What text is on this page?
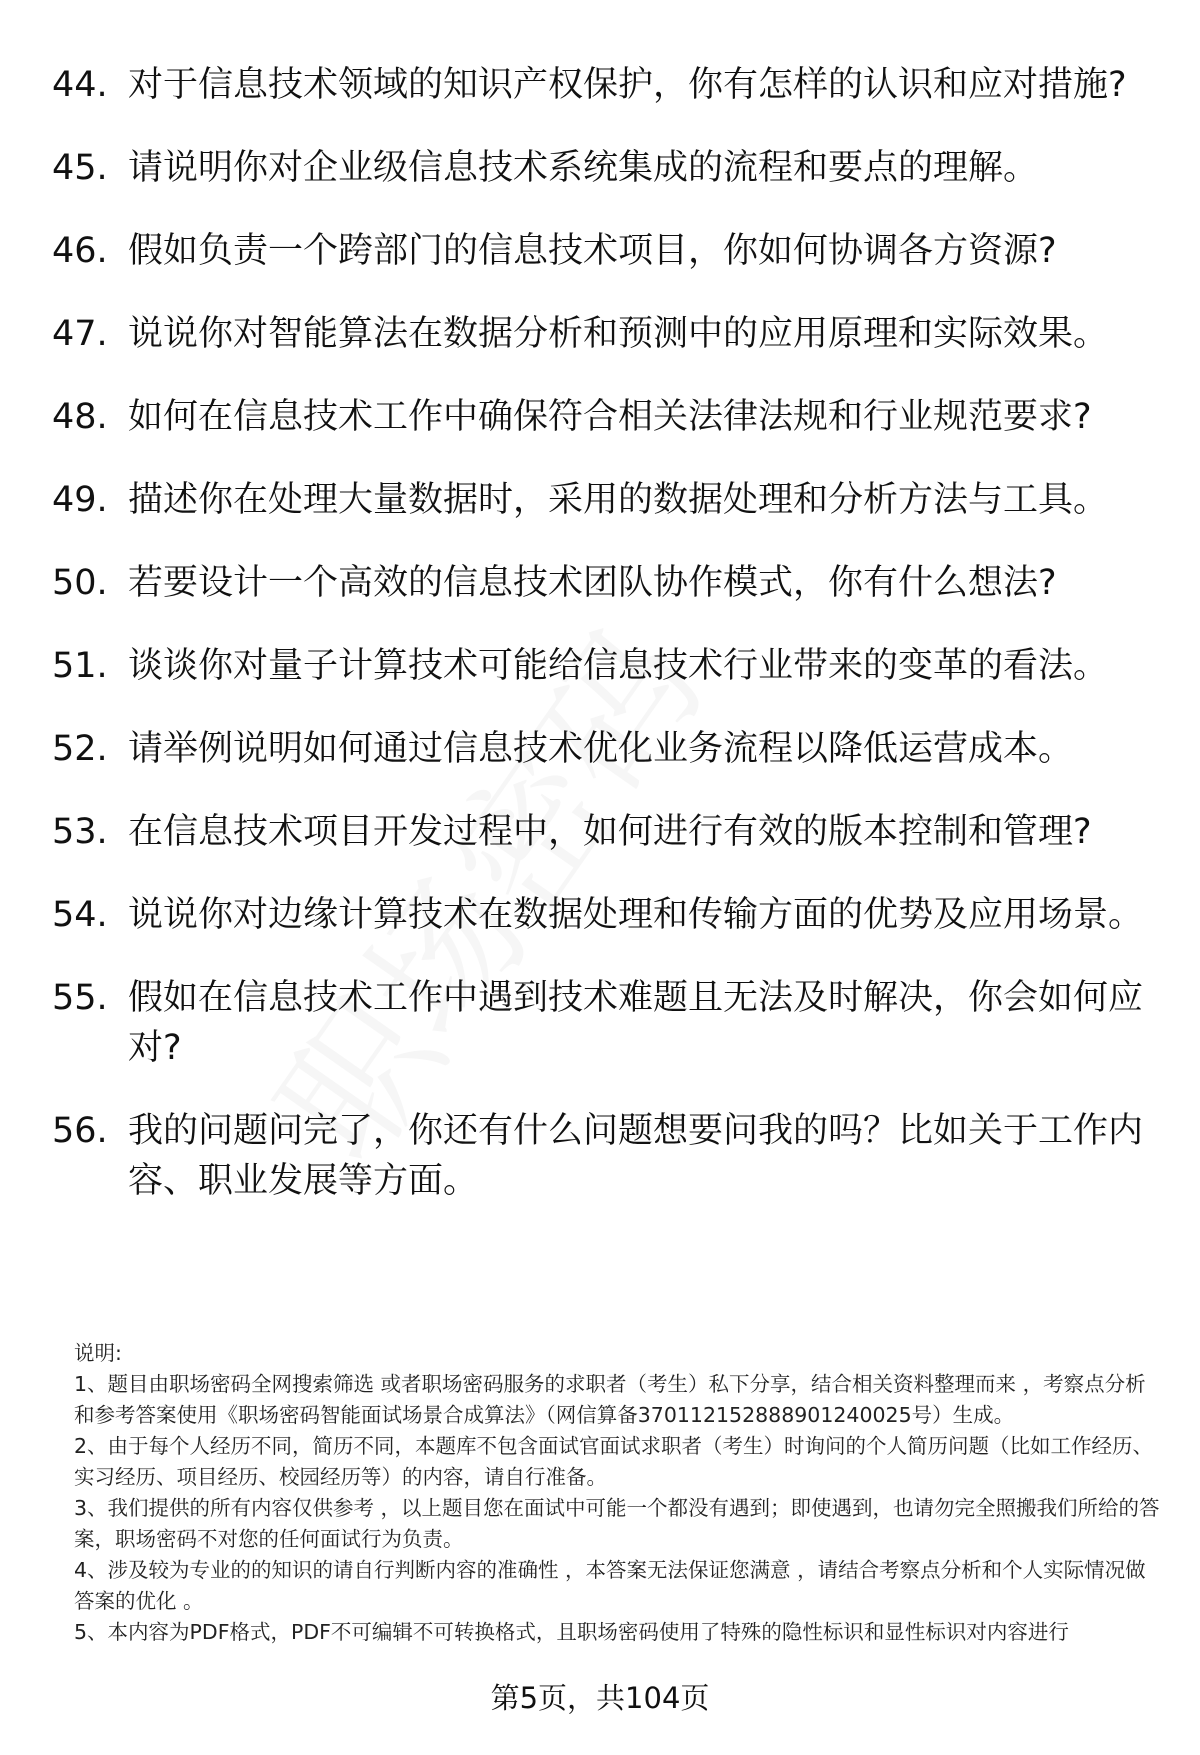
44. 对于信息技术领域的知识产权保护，你有怎样的认识和应对措施?
45. 请说明你对企业级信息技术系统集成的流程和要点的理解。
46. 假如负责一个跨部门的信息技术项目，你如何协调各方资源?
47. 说说你对智能算法在数据分析和预测中的应用原理和实际效果。
48. 如何在信息技术工作中确保符合相关法律法规和行业规范要求?
49. 描述你在处理大量数据时，采用的数据处理和分析方法与工具。
50. 若要设计一个高效的信息技术团队协作模式，你有什么想法?
51. 谈谈你对量子计算技术可能给信息技术行业带来的变革的看法。
52. 请举例说明如何通过信息技术优化业务流程以降低运营成本。
53. 在信息技术项目开发过程中，如何进行有效的版本控制和管理?
54. 说说你对边缘计算技术在数据处理和传输方面的优势及应用场景。
55. 假如在信息技术工作中遇到技术难题且无法及时解决，你会如何应对?
56. 我的问题问完了，你还有什么问题想要问我的吗？比如关于工作内容、职业发展等方面。

说明:

1、题目由职场密码全网搜索筛选 或者职场密码服务的求职者（考生）私下分享，结合相关资料整理而来 ，考察点分析和参考答案使用《职场密码智能面试场景合成算法》（网信算备370112152888901240025号）生成。

2、由于每个人经历不同，简历不同，本题库不包含面试官面试求职者（考生）时询问的个人简历问题（比如工作经历、实习经历、项目经历、校园经历等）的内容，请自行准备。

3、我们提供的所有内容仅供参考 ，以上题目您在面试中可能一个都没有遇到；即使遇到，也请勿完全照搬我们所给的答案，职场密码不对您的任何面试行为负责。

4、涉及较为专业的的知识的请自行判断内容的准确性 ，本答案无法保证您满意 ，请结合考察点分析和个人实际情况做答案的优化 。

5、本内容为PDF格式，PDF不可编辑不可转换格式，且职场密码使用了特殊的隐性标识和显性标识对内容进行

第5页，共104页
